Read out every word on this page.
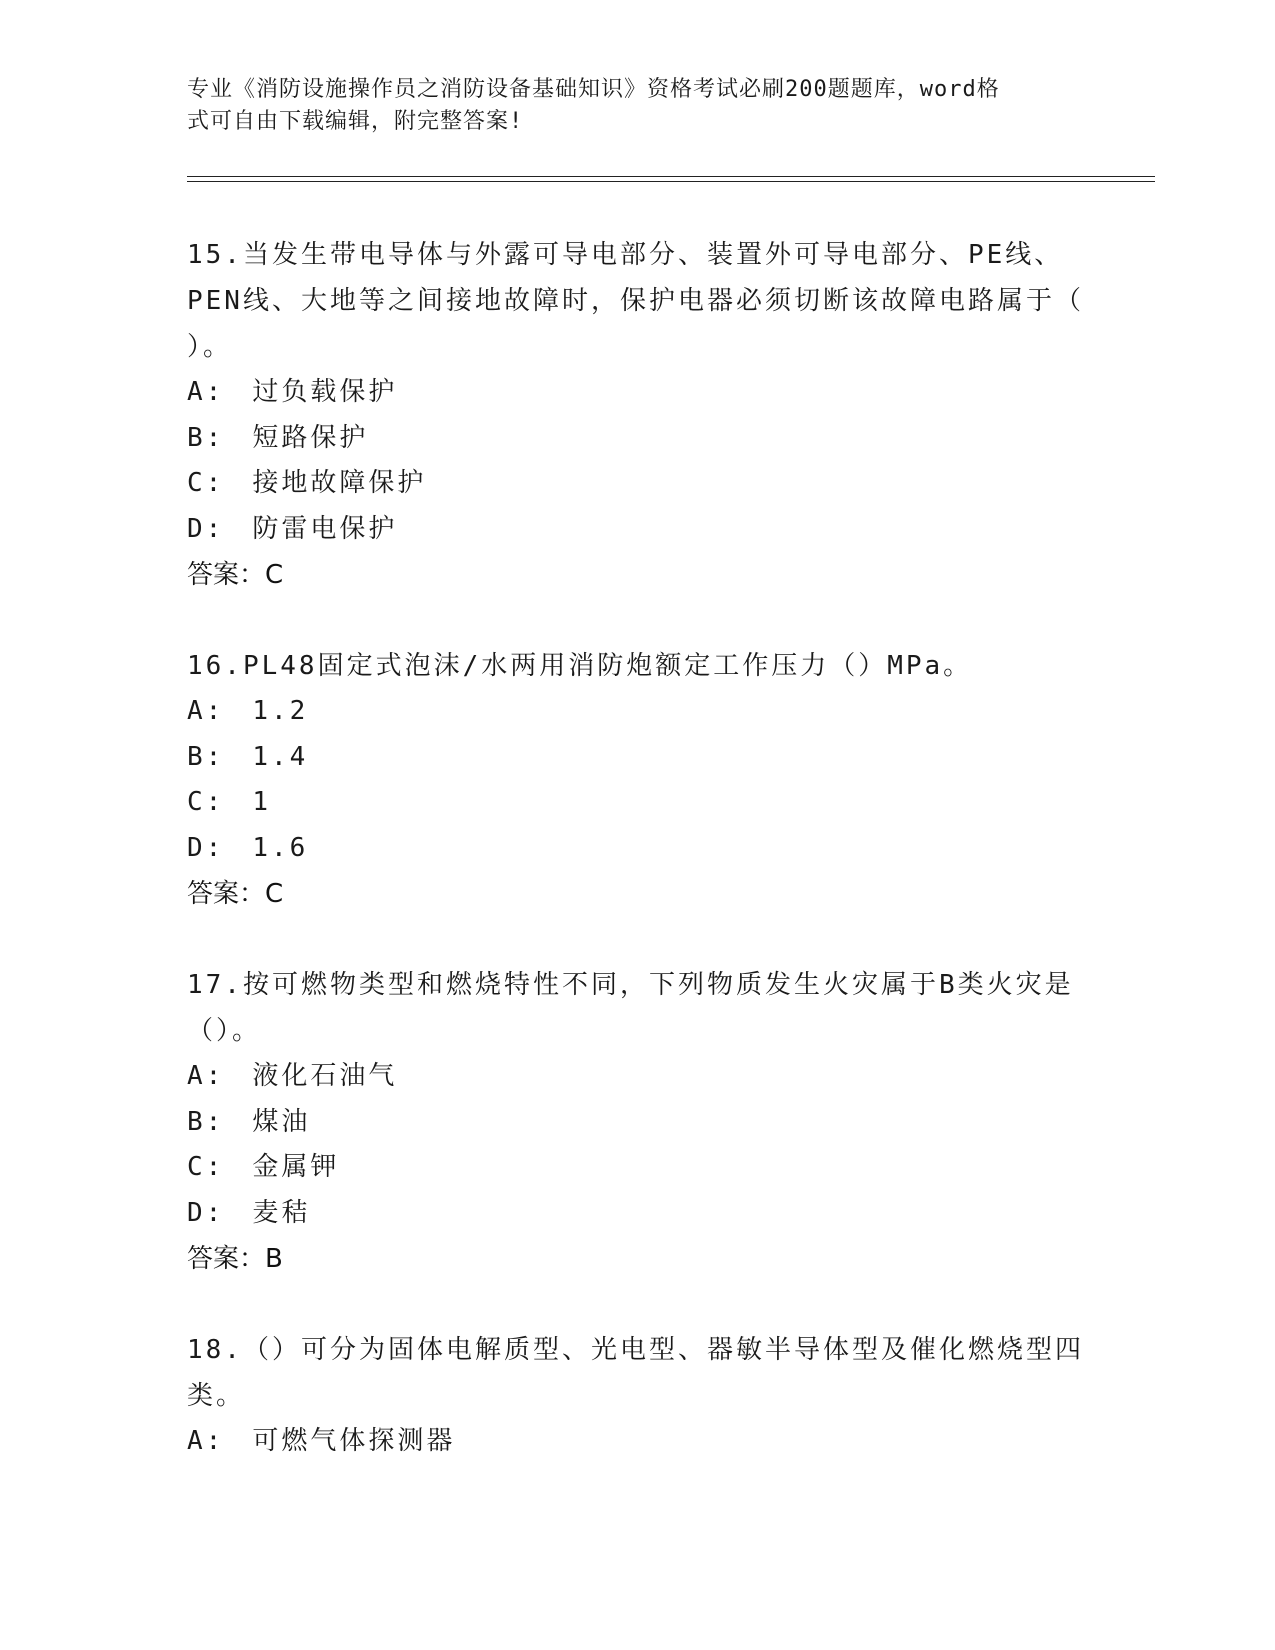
专业《消防设施操作员之消防设备基础知识》资格考试必刷200题题库，word格
式可自由下载编辑，附完整答案!

15.当发生带电导体与外露可导电部分、装置外可导电部分、PE线、

PEN线、大地等之间接地故障时，保护电器必须切断该故障电路属于（

）。

A: 过负载保护

B: 短路保护

C: 接地故障保护

D: 防雷电保护

答案：C

16.PL48固定式泡沫/水两用消防炮额定工作压力（）MPa。

A: 1.2

B: 1.4

C: 1

D: 1.6

答案：C

17.按可燃物类型和燃烧特性不同，下列物质发生火灾属于B类火灾是

（）。

A: 液化石油气

B: 煤油

C: 金属钾

D: 麦秸

答案：B

18.（）可分为固体电解质型、光电型、器敏半导体型及催化燃烧型四

类。

A: 可燃气体探测器
